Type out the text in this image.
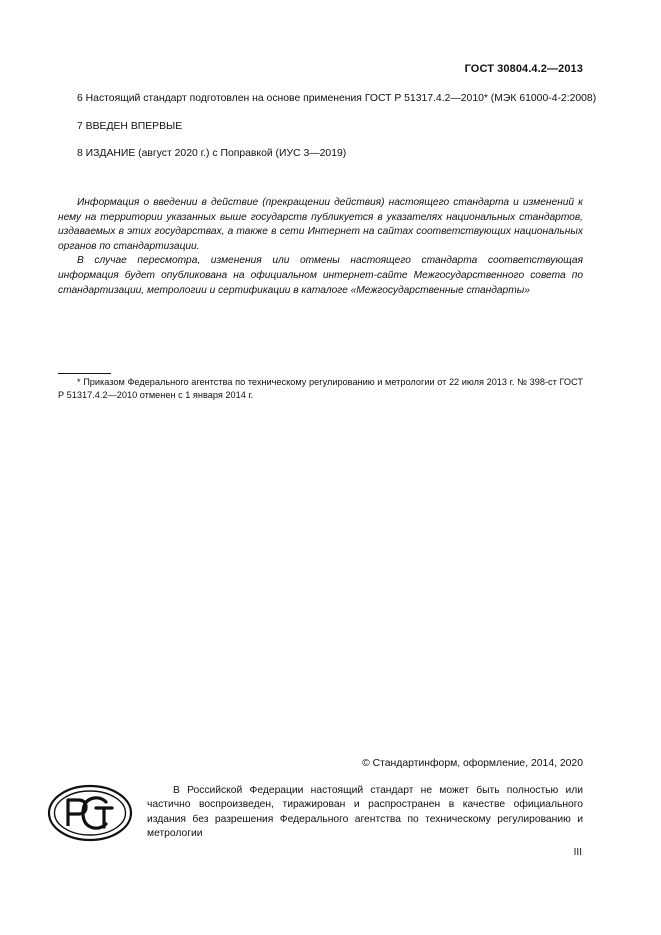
ГОСТ 30804.4.2—2013
6 Настоящий стандарт подготовлен на основе применения ГОСТ Р 51317.4.2—2010* (МЭК 61000-4-2:2008)
7 ВВЕДЕН ВПЕРВЫЕ
8 ИЗДАНИЕ (август 2020 г.) с Поправкой (ИУС 3—2019)

Информация о введении в действие (прекращении действия) настоящего стандарта и изменений к нему на территории указанных выше государств публикуется в указателях национальных стандартов, издаваемых в этих государствах, а также в сети Интернет на сайтах соответствующих национальных органов по стандартизации.

В случае пересмотра, изменения или отмены настоящего стандарта соответствующая информация будет опубликована на официальном интернет-сайте Межгосударственного совета по стандартизации, метрологии и сертификации в каталоге «Межгосударственные стандарты»

* Приказом Федерального агентства по техническому регулированию и метрологии от 22 июля 2013 г. № 398-ст ГОСТ Р 51317.4.2—2010 отменен с 1 января 2014 г.

© Стандартинформ, оформление, 2014, 2020

В Российской Федерации настоящий стандарт не может быть полностью или частично воспроизведен, тиражирован и распространен в качестве официального издания без разрешения Федерального агентства по техническому регулированию и метрологии

III
